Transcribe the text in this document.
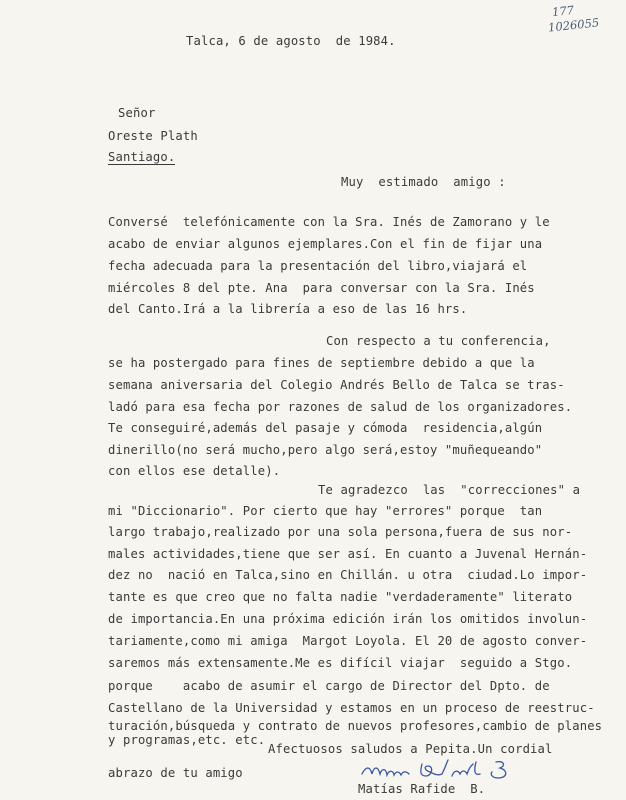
177
1026055
Talca, 6 de agosto  de 1984.
Señor
Oreste Plath
Santiago.
Muy  estimado  amigo :
Conversé  telefónicamente con la Sra. Inés de Zamorano y le
acabo de enviar algunos ejemplares.Con el fin de fijar una
fecha adecuada para la presentación del libro,viajará el
miércoles 8 del pte. Ana  para conversar con la Sra. Inés
del Canto.Irá a la librería a eso de las 16 hrs.
Con respecto a tu conferencia,
se ha postergado para fines de septiembre debido a que la
semana aniversaria del Colegio Andrés Bello de Talca se tras-
ladó para esa fecha por razones de salud de los organizadores.
Te conseguiré,además del pasaje y cómoda  residencia,algún
dinerillo(no será mucho,pero algo será,estoy "muñequeando"
con ellos ese detalle).
Te agradezco  las  "correcciones" a
mi "Diccionario". Por cierto que hay "errores" porque  tan
largo trabajo,realizado por una sola persona,fuera de sus nor-
males actividades,tiene que ser así. En cuanto a Juvenal Hernán-
dez no  nació en Talca,sino en Chillán. u otra  ciudad.Lo impor-
tante es que creo que no falta nadie "verdaderamente" literato
de importancia.En una próxima edición irán los omitidos involun-
tariamente,como mi amiga  Margot Loyola. El 20 de agosto conver-
saremos más extensamente.Me es difícil viajar  seguido a Stgo.
porque    acabo de asumir el cargo de Director del Dpto. de
Castellano de la Universidad y estamos en un proceso de reestruc-
turación,búsqueda y contrato de nuevos profesores,cambio de planes
y programas,etc. etc.
Afectuosos saludos a Pepita.Un cordial
abrazo de tu amigo
Matías Rafide  B.
